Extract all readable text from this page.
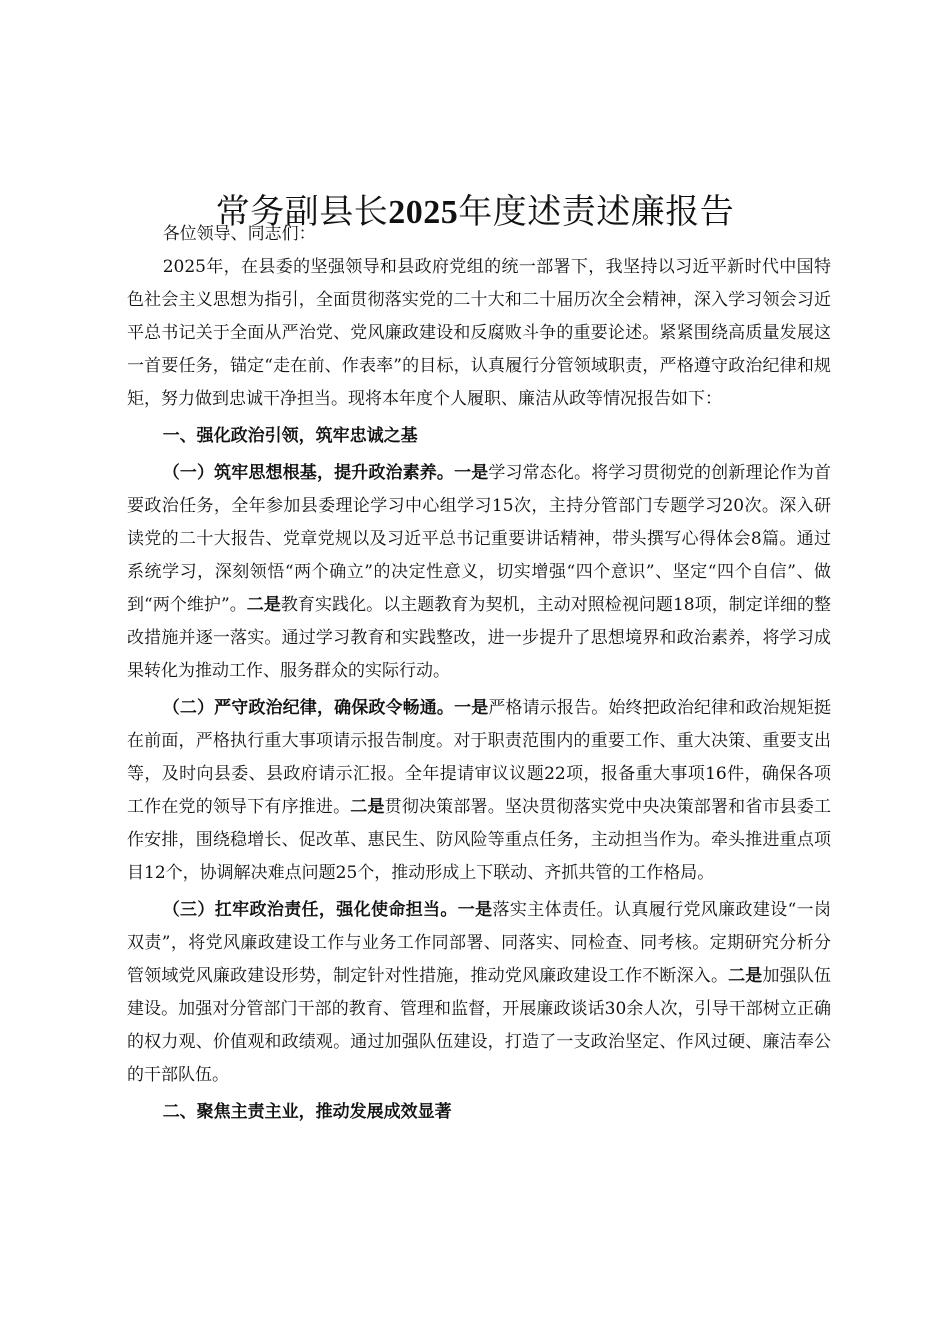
常务副县长2025年度述责述廉报告

各位领导、同志们：

2025年，在县委的坚强领导和县政府党组的统一部署下，我坚持以习近平新时代中国特色社会主义思想为指引，全面贯彻落实党的二十大和二十届历次全会精神，深入学习领会习近平总书记关于全面从严治党、党风廉政建设和反腐败斗争的重要论述。紧紧围绕高质量发展这一首要任务，锚定“走在前、作表率”的目标，认真履行分管领域职责，严格遵守政治纪律和规矩，努力做到忠诚干净担当。现将本年度个人履职、廉洁从政等情况报告如下：

一、强化政治引领，筑牢忠诚之基

（一）筑牢思想根基，提升政治素养。一是学习常态化。将学习贯彻党的创新理论作为首要政治任务，全年参加县委理论学习中心组学习15次，主持分管部门专题学习20次。深入研读党的二十大报告、党章党规以及习近平总书记重要讲话精神，带头撰写心得体会8篇。通过系统学习，深刻领悟“两个确立”的决定性意义，切实增强“四个意识”、坚定“四个自信”、做到“两个维护”。二是教育实践化。以主题教育为契机，主动对照检视问题18项，制定详细的整改措施并逐一落实。通过学习教育和实践整改，进一步提升了思想境界和政治素养，将学习成果转化为推动工作、服务群众的实际行动。

（二）严守政治纪律，确保政令畅通。一是严格请示报告。始终把政治纪律和政治规矩挺在前面，严格执行重大事项请示报告制度。对于职责范围内的重要工作、重大决策、重要支出等，及时向县委、县政府请示汇报。全年提请审议议题22项，报备重大事项16件，确保各项工作在党的领导下有序推进。二是贯彻决策部署。坚决贯彻落实党中央决策部署和省市县委工作安排，围绕稳增长、促改革、惠民生、防风险等重点任务，主动担当作为。牵头推进重点项目12个，协调解决难点问题25个，推动形成上下联动、齐抓共管的工作格局。

（三）扛牢政治责任，强化使命担当。一是落实主体责任。认真履行党风廉政建设“一岗双责”，将党风廉政建设工作与业务工作同部署、同落实、同检查、同考核。定期研究分析分管领域党风廉政建设形势，制定针对性措施，推动党风廉政建设工作不断深入。二是加强队伍建设。加强对分管部门干部的教育、管理和监督，开展廉政谈话30余人次，引导干部树立正确的权力观、价值观和政绩观。通过加强队伍建设，打造了一支政治坚定、作风过硬、廉洁奉公的干部队伍。

二、聚焦主责主业，推动发展成效显著
